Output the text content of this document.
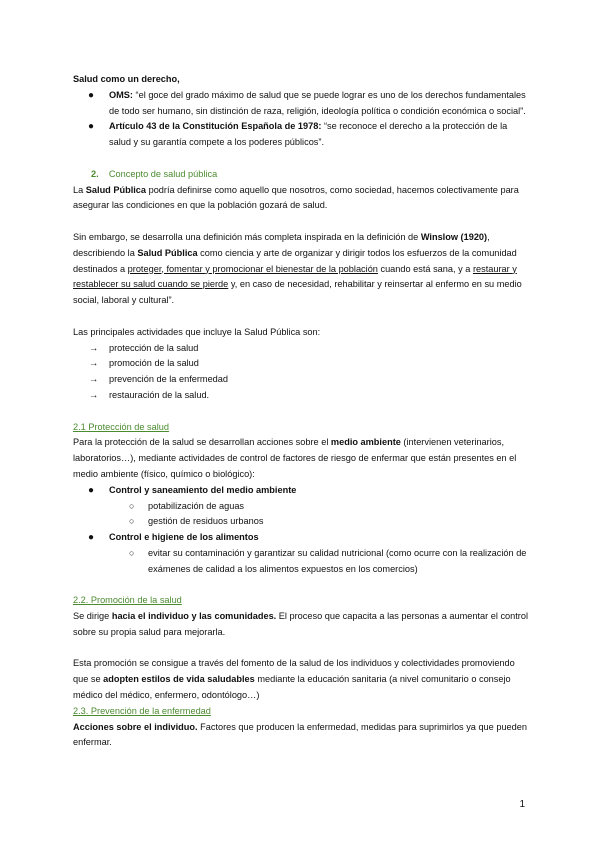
Salud como un derecho,

● OMS: “el goce del grado máximo de salud que se puede lograr es uno de los derechos fundamentales de todo ser humano, sin distinción de raza, religión, ideología política o condición económica o social”.
● Artículo 43 de la Constitución Española de 1978: “se reconoce el derecho a la protección de la salud y su garantía compete a los poderes públicos”.

2. Concepto de salud pública

La Salud Pública podría definirse como aquello que nosotros, como sociedad, hacemos colectivamente para asegurar las condiciones en que la población gozará de salud.

Sin embargo, se desarrolla una definición más completa inspirada en la definición de Winslow (1920), describiendo la Salud Pública como ciencia y arte de organizar y dirigir todos los esfuerzos de la comunidad destinados a proteger, fomentar y promocionar el bienestar de la población cuando está sana, y a restaurar y restablecer su salud cuando se pierde y, en caso de necesidad, rehabilitar y reinsertar al enfermo en su medio social, laboral y cultural”.

Las principales actividades que incluye la Salud Pública son:

→ protección de la salud
→ promoción de la salud
→ prevención de la enfermedad
→ restauración de la salud.

2.1 Protección de salud

Para la protección de la salud se desarrollan acciones sobre el medio ambiente (intervienen veterinarios, laboratorios…), mediante actividades de control de factores de riesgo de enfermar que están presentes en el medio ambiente (físico, químico o biológico):

● Control y saneamiento del medio ambiente
○ potabilización de aguas
○ gestión de residuos urbanos
● Control e higiene de los alimentos
○ evitar su contaminación y garantizar su calidad nutricional (como ocurre con la realización de exámenes de calidad a los alimentos expuestos en los comercios)

2.2. Promoción de la salud

Se dirige hacia el individuo y las comunidades. El proceso que capacita a las personas a aumentar el control sobre su propia salud para mejorarla.

Esta promoción se consigue a través del fomento de la salud de los individuos y colectividades promoviendo que se adopten estilos de vida saludables mediante la educación sanitaria (a nivel comunitario o consejo médico del médico, enfermero, odontólogo…)

2.3. Prevención de la enfermedad

Acciones sobre el individuo. Factores que producen la enfermedad, medidas para suprimirlos ya que pueden enfermar.

1
